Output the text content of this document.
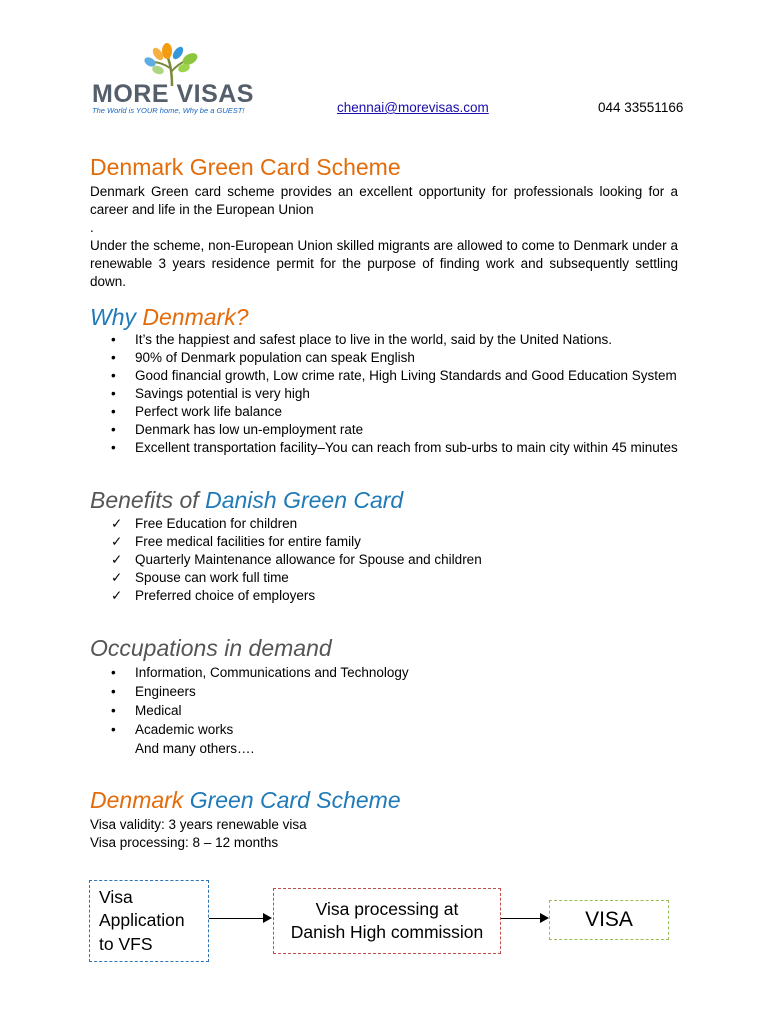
MORE VISAS
The World is YOUR home, Why be a GUEST!	chennai@morevisas.com	044 33551166
Denmark Green Card Scheme
Denmark Green card scheme provides an excellent opportunity for professionals looking for a career and life in the European Union
.
Under the scheme, non-European Union skilled migrants are allowed to come to Denmark under a renewable 3 years residence permit for the purpose of finding work and subsequently settling down.
Why Denmark?
• It’s the happiest and safest place to live in the world, said by the United Nations.
• 90% of Denmark population can speak English
• Good financial growth, Low crime rate, High Living Standards and Good Education System
• Savings potential is very high
• Perfect work life balance
• Denmark has low un-employment rate
• Excellent transportation facility–You can reach from sub-urbs to main city within 45 minutes
Benefits of Danish Green Card
✓ Free Education for children
✓ Free medical facilities for entire family
✓ Quarterly Maintenance allowance for Spouse and children
✓ Spouse can work full time
✓ Preferred choice of employers
Occupations in demand
• Information, Communications and Technology
• Engineers
• Medical
• Academic works
And many others….
Denmark Green Card Scheme
Visa validity: 3 years renewable visa
Visa processing: 8 – 12 months
Visa Application to VFS
Visa processing at Danish High commission
VISA
